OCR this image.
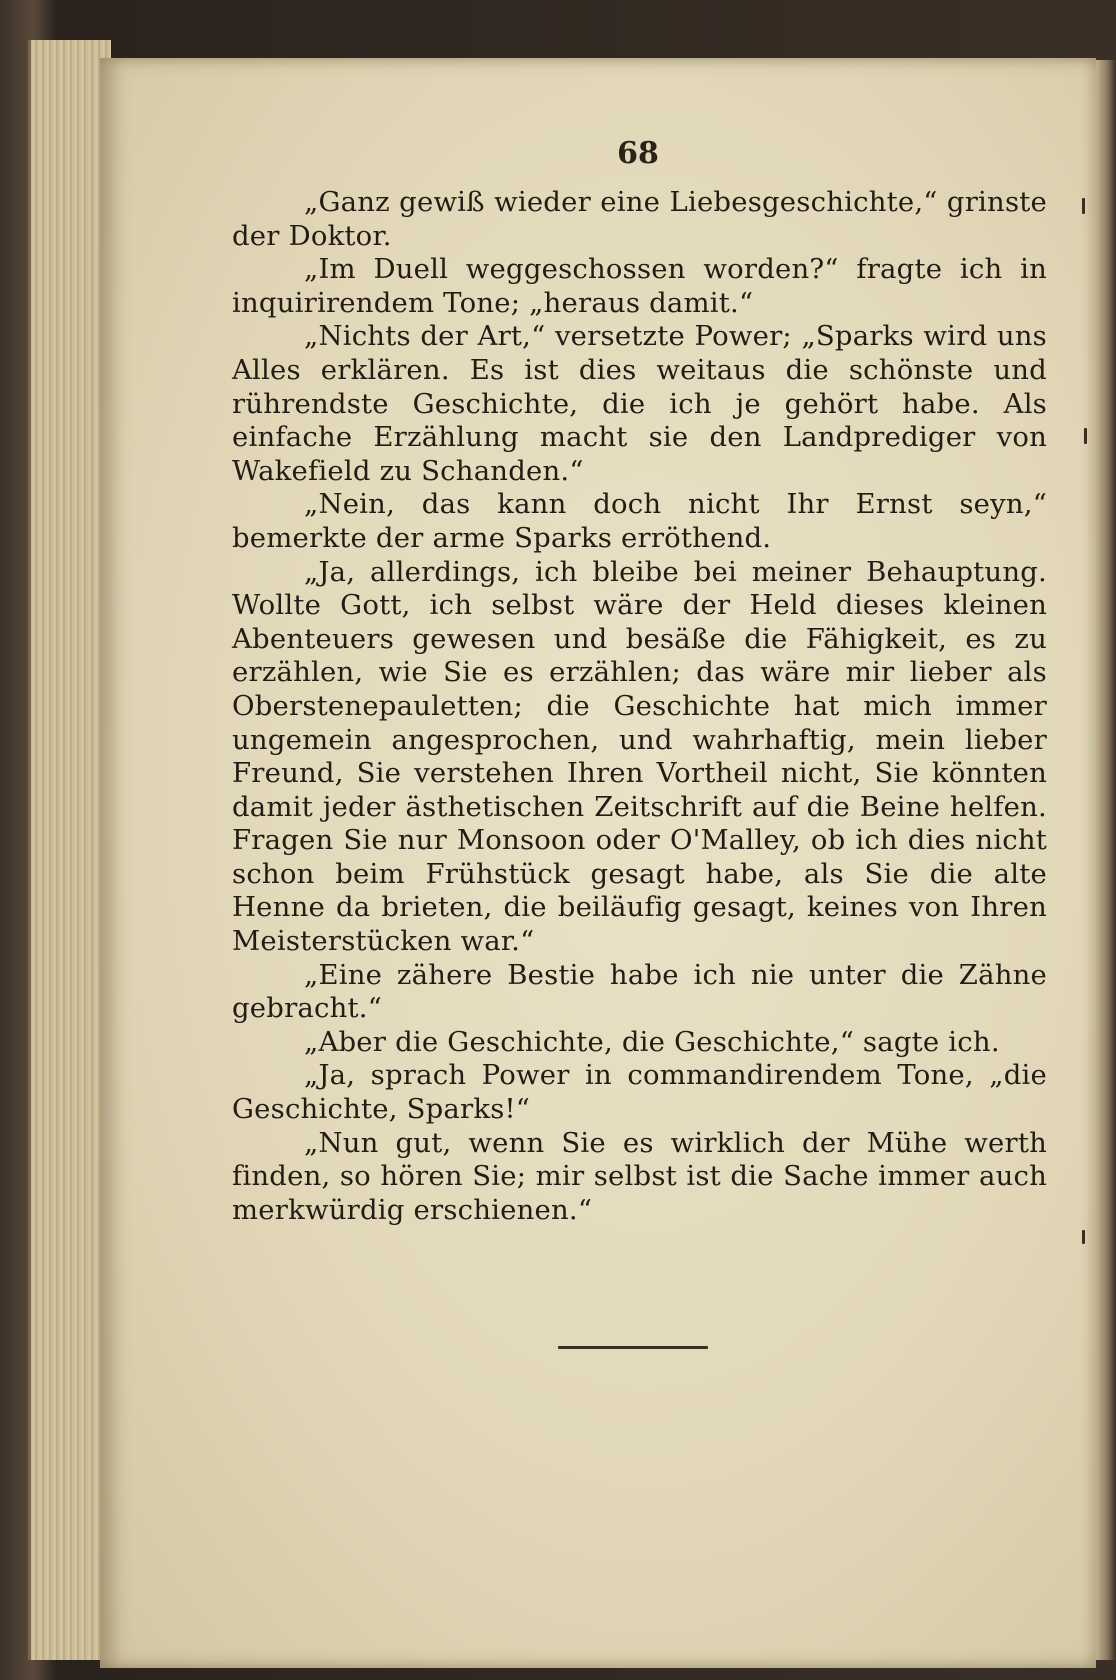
68

„Ganz gewiß wieder eine Liebesgeschichte,“ grinste der Doktor.

„Im Duell weggeschossen worden?“ fragte ich in inquirirendem Tone; „heraus damit.“

„Nichts der Art,“ versetzte Power; „Sparks wird uns Alles erklären. Es ist dies weitaus die schönste und rührendste Geschichte, die ich je gehört habe. Als einfache Erzählung macht sie den Landprediger von Wakefield zu Schanden.“

„Nein, das kann doch nicht Ihr Ernst seyn,“ bemerkte der arme Sparks erröthend.

„Ja, allerdings, ich bleibe bei meiner Behauptung. Wollte Gott, ich selbst wäre der Held dieses kleinen Abenteuers gewesen und besäße die Fähigkeit, es zu erzählen, wie Sie es erzählen; das wäre mir lieber als Oberstenepauletten; die Geschichte hat mich immer ungemein angesprochen, und wahrhaftig, mein lieber Freund, Sie verstehen Ihren Vortheil nicht, Sie könnten damit jeder ästhetischen Zeitschrift auf die Beine helfen. Fragen Sie nur Monsoon oder O'Malley, ob ich dies nicht schon beim Frühstück gesagt habe, als Sie die alte Henne da brieten, die beiläufig gesagt, keines von Ihren Meisterstücken war.“

„Eine zähere Bestie habe ich nie unter die Zähne gebracht.“

„Aber die Geschichte, die Geschichte,“ sagte ich.

„Ja, sprach Power in commandirendem Tone, „die Geschichte, Sparks!“

„Nun gut, wenn Sie es wirklich der Mühe werth finden, so hören Sie; mir selbst ist die Sache immer auch merkwürdig erschienen.“
